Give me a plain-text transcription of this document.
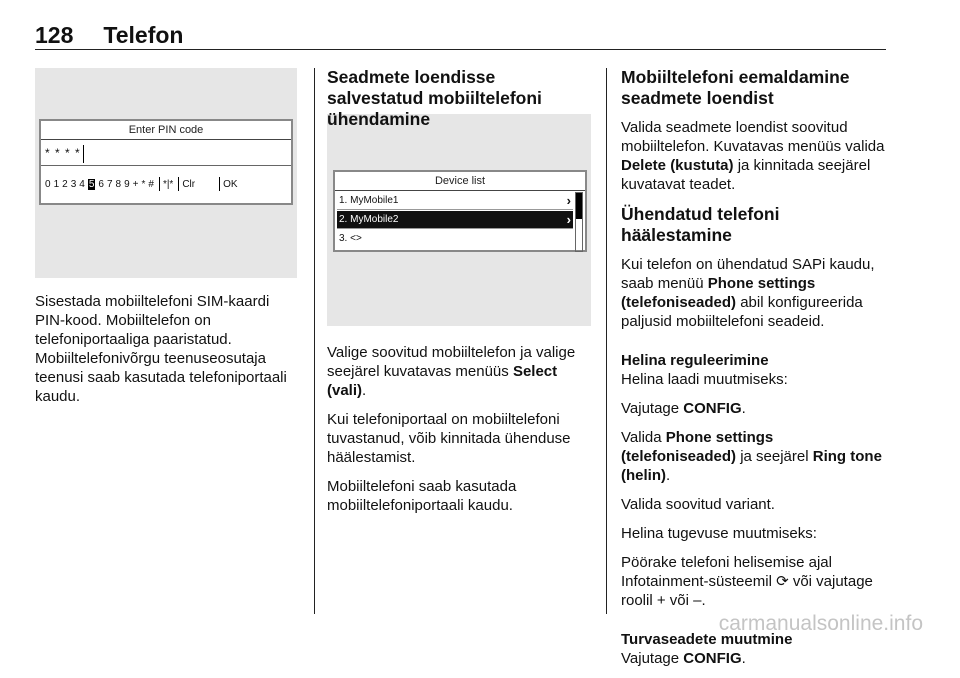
128 Telefon
Enter PIN code
* * * *
0 1 2 3 4 5 6 7 8 9 + * # *|* Clr	OK	Device list
1. MyMobile1	›
2. MyMobile2	›
3. <>

Sisestada mobiiltelefoni SIM-kaardi PIN-kood. Mobiiltelefon on telefoniportaaliga paaristatud. Mobiiltelefonivõrgu teenuseosutaja teenusi saab kasutada telefoniportaali kaudu.

Seadmete loendisse salvestatud mobiiltelefoni ühendamine

Valige soovitud mobiiltelefon ja valige seejärel kuvatavas menüüs Select (vali).

Kui telefoniportaal on mobiiltelefoni tuvastanud, võib kinnitada ühenduse häälestamist.

Mobiiltelefoni saab kasutada mobiiltelefoniportaali kaudu.

Mobiiltelefoni eemaldamine seadmete loendist

Valida seadmete loendist soovitud mobiiltelefon. Kuvatavas menüüs valida Delete (kustuta) ja kinnitada seejärel kuvatavat teadet.

Ühendatud telefoni häälestamine

Kui telefon on ühendatud SAPi kaudu, saab menüü Phone settings (telefoniseaded) abil konfigureerida paljusid mobiiltelefoni seadeid.

Helina reguleerimine

Helina laadi muutmiseks:

Vajutage CONFIG.

Valida Phone settings (telefoniseaded) ja seejärel Ring tone (helin).

Valida soovitud variant.

Helina tugevuse muutmiseks:

Pöörake telefoni helisemise ajal Infotainment-süsteemil ⟳ või vajutage roolil + või –.

Turvaseadete muutmine

Vajutage CONFIG.

carmanualsonline.info
